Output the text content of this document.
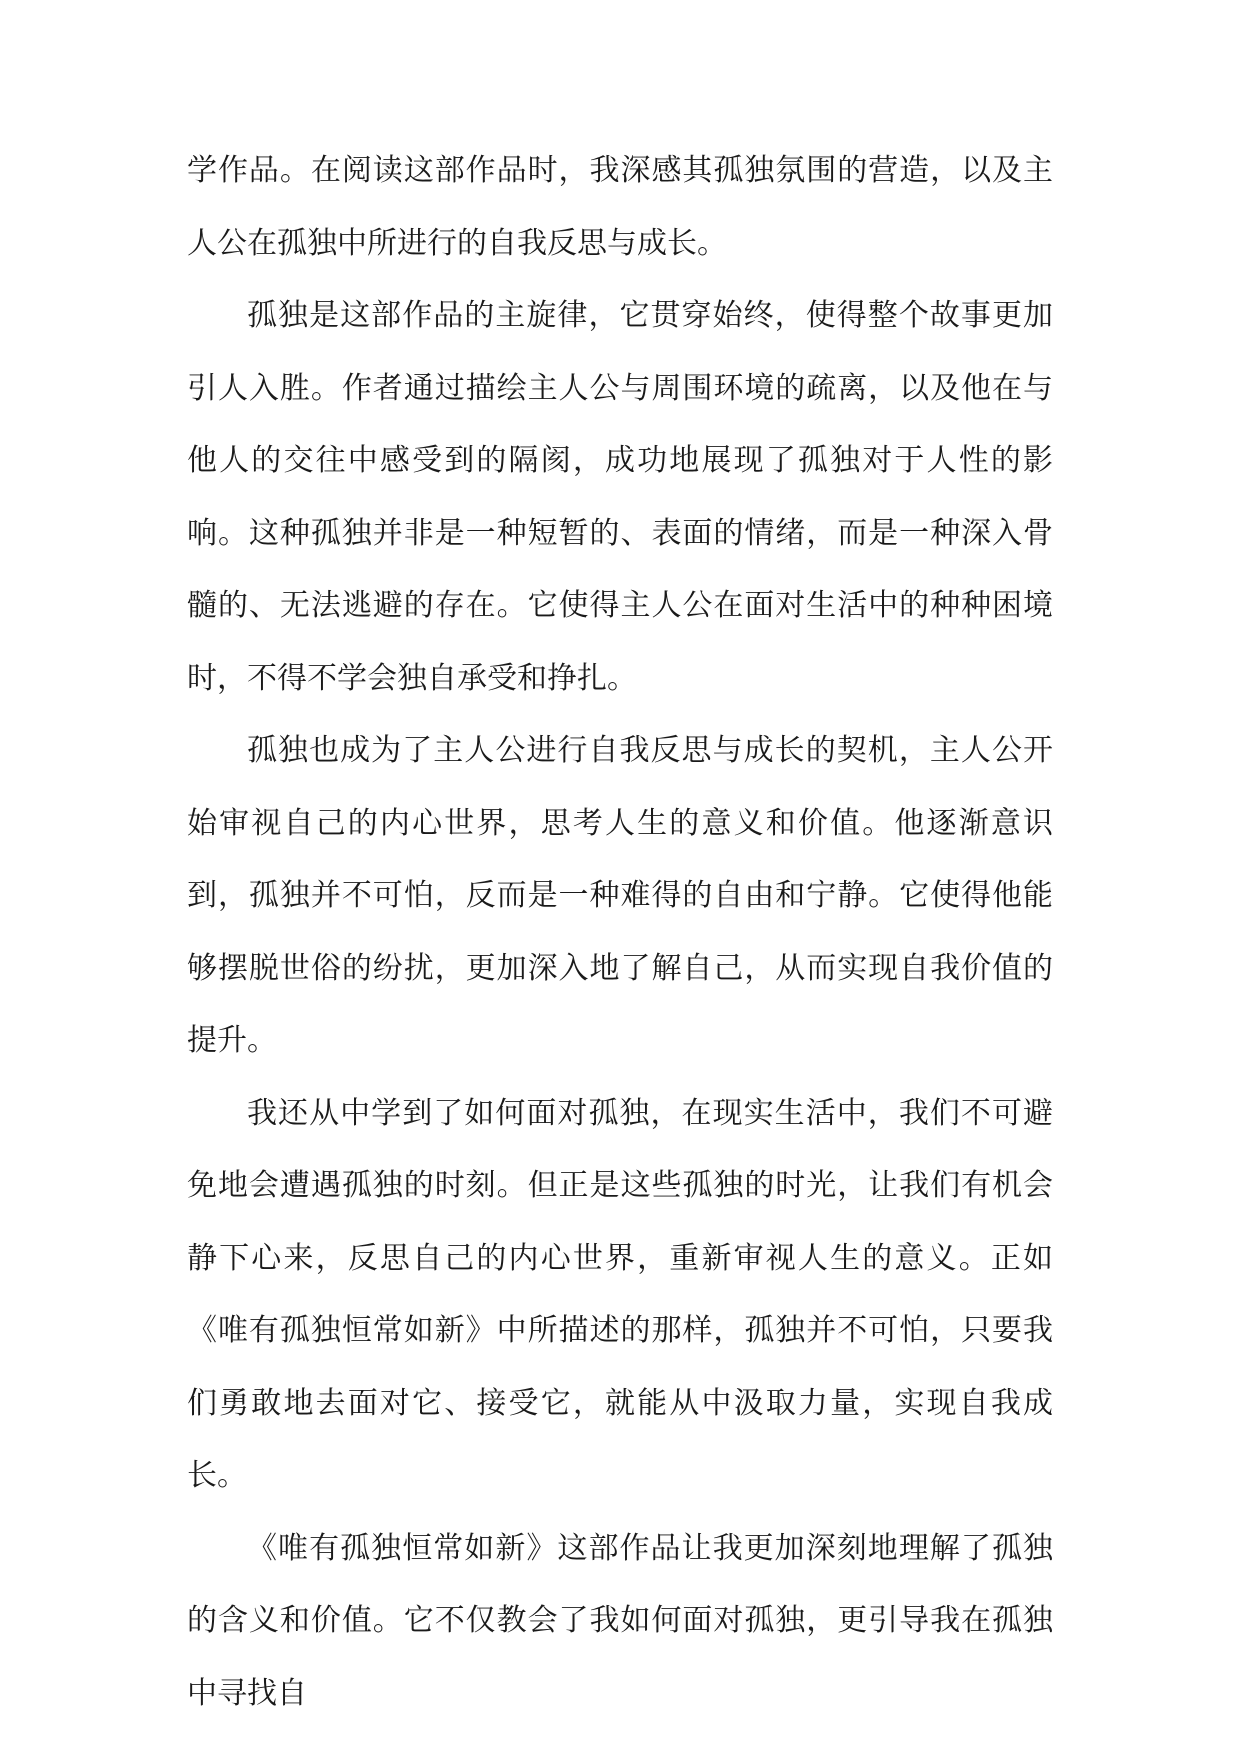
学作品。在阅读这部作品时，我深感其孤独氛围的营造，以及主人公在孤独中所进行的自我反思与成长。

孤独是这部作品的主旋律，它贯穿始终，使得整个故事更加引人入胜。作者通过描绘主人公与周围环境的疏离，以及他在与他人的交往中感受到的隔阂，成功地展现了孤独对于人性的影响。这种孤独并非是一种短暂的、表面的情绪，而是一种深入骨髓的、无法逃避的存在。它使得主人公在面对生活中的种种困境时，不得不学会独自承受和挣扎。

孤独也成为了主人公进行自我反思与成长的契机，主人公开始审视自己的内心世界，思考人生的意义和价值。他逐渐意识到，孤独并不可怕，反而是一种难得的自由和宁静。它使得他能够摆脱世俗的纷扰，更加深入地了解自己，从而实现自我价值的提升。

我还从中学到了如何面对孤独，在现实生活中，我们不可避免地会遭遇孤独的时刻。但正是这些孤独的时光，让我们有机会静下心来，反思自己的内心世界，重新审视人生的意义。正如《唯有孤独恒常如新》中所描述的那样，孤独并不可怕，只要我们勇敢地去面对它、接受它，就能从中汲取力量，实现自我成长。

《唯有孤独恒常如新》这部作品让我更加深刻地理解了孤独的含义和价值。它不仅教会了我如何面对孤独，更引导我在孤独中寻找自
